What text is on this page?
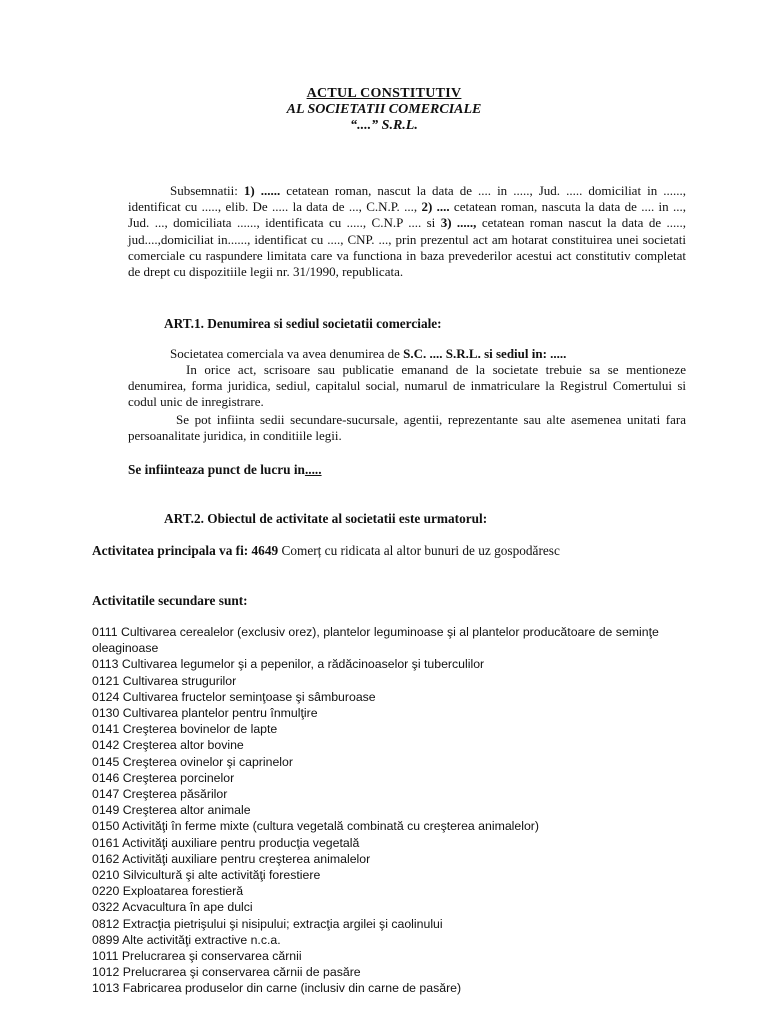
ACTUL CONSTITUTIV
AL SOCIETATII COMERCIALE
“....” S.R.L.
Subsemnatii: 1) ...... cetatean roman, nascut la data de .... in ....., Jud. ..... domiciliat in ......, identificat cu ....., elib. De ..... la data de ..., C.N.P. ..., 2) .... cetatean roman, nascuta la data de .... in ..., Jud. ..., domiciliata ......, identificata cu ....., C.N.P .... si 3) ....., cetatean roman nascut la data de ....., jud....,domiciliat in......, identificat cu ...., CNP. ..., prin prezentul act am hotarat constituirea unei societati comerciale cu raspundere limitata care va functiona in baza prevederilor acestui act constitutiv completat de drept cu dispozitiile legii nr. 31/1990, republicata.
ART.1. Denumirea si sediul societatii comerciale:
Societatea comerciala va avea denumirea de S.C. .... S.R.L. si sediul in: .....
In orice act, scrisoare sau publicatie emanand de la societate trebuie sa se mentioneze denumirea, forma juridica, sediul, capitalul social, numarul de inmatriculare la Registrul Comertului si codul unic de inregistrare.
Se pot infiinta sedii secundare-sucursale, agentii, reprezentante sau alte asemenea unitati fara persoanalitate juridica, in conditiile legii.
Se infiinteaza punct de lucru in.....
ART.2. Obiectul de activitate al societatii este urmatorul:
Activitatea principala va fi: 4649 Comerț cu ridicata al altor bunuri de uz gospodăresc
Activitatile secundare sunt:
0111 Cultivarea cerealelor (exclusiv orez), plantelor leguminoase şi al plantelor producătoare de seminţe oleaginoase
0113 Cultivarea legumelor şi a pepenilor, a rădăcinoaselor şi tuberculilor
0121 Cultivarea strugurilor
0124 Cultivarea fructelor seminţoase şi sâmburoase
0130 Cultivarea plantelor pentru înmulţire
0141 Creşterea bovinelor de lapte
0142 Creşterea altor bovine
0145 Creşterea ovinelor şi caprinelor
0146 Creşterea porcinelor
0147 Creşterea păsărilor
0149 Creşterea altor animale
0150 Activităţi în ferme mixte (cultura vegetală combinată cu creşterea animalelor)
0161 Activităţi auxiliare pentru producţia vegetală
0162 Activităţi auxiliare pentru creşterea animalelor
0210 Silvicultură şi alte activităţi forestiere
0220 Exploatarea forestieră
0322 Acvacultura în ape dulci
0812 Extracţia pietrişului şi nisipului; extracţia argilei şi caolinului
0899 Alte activităţi extractive n.c.a.
1011 Prelucrarea şi conservarea cărnii
1012 Prelucrarea şi conservarea cărnii de pasăre
1013 Fabricarea produselor din carne (inclusiv din carne de pasăre)
